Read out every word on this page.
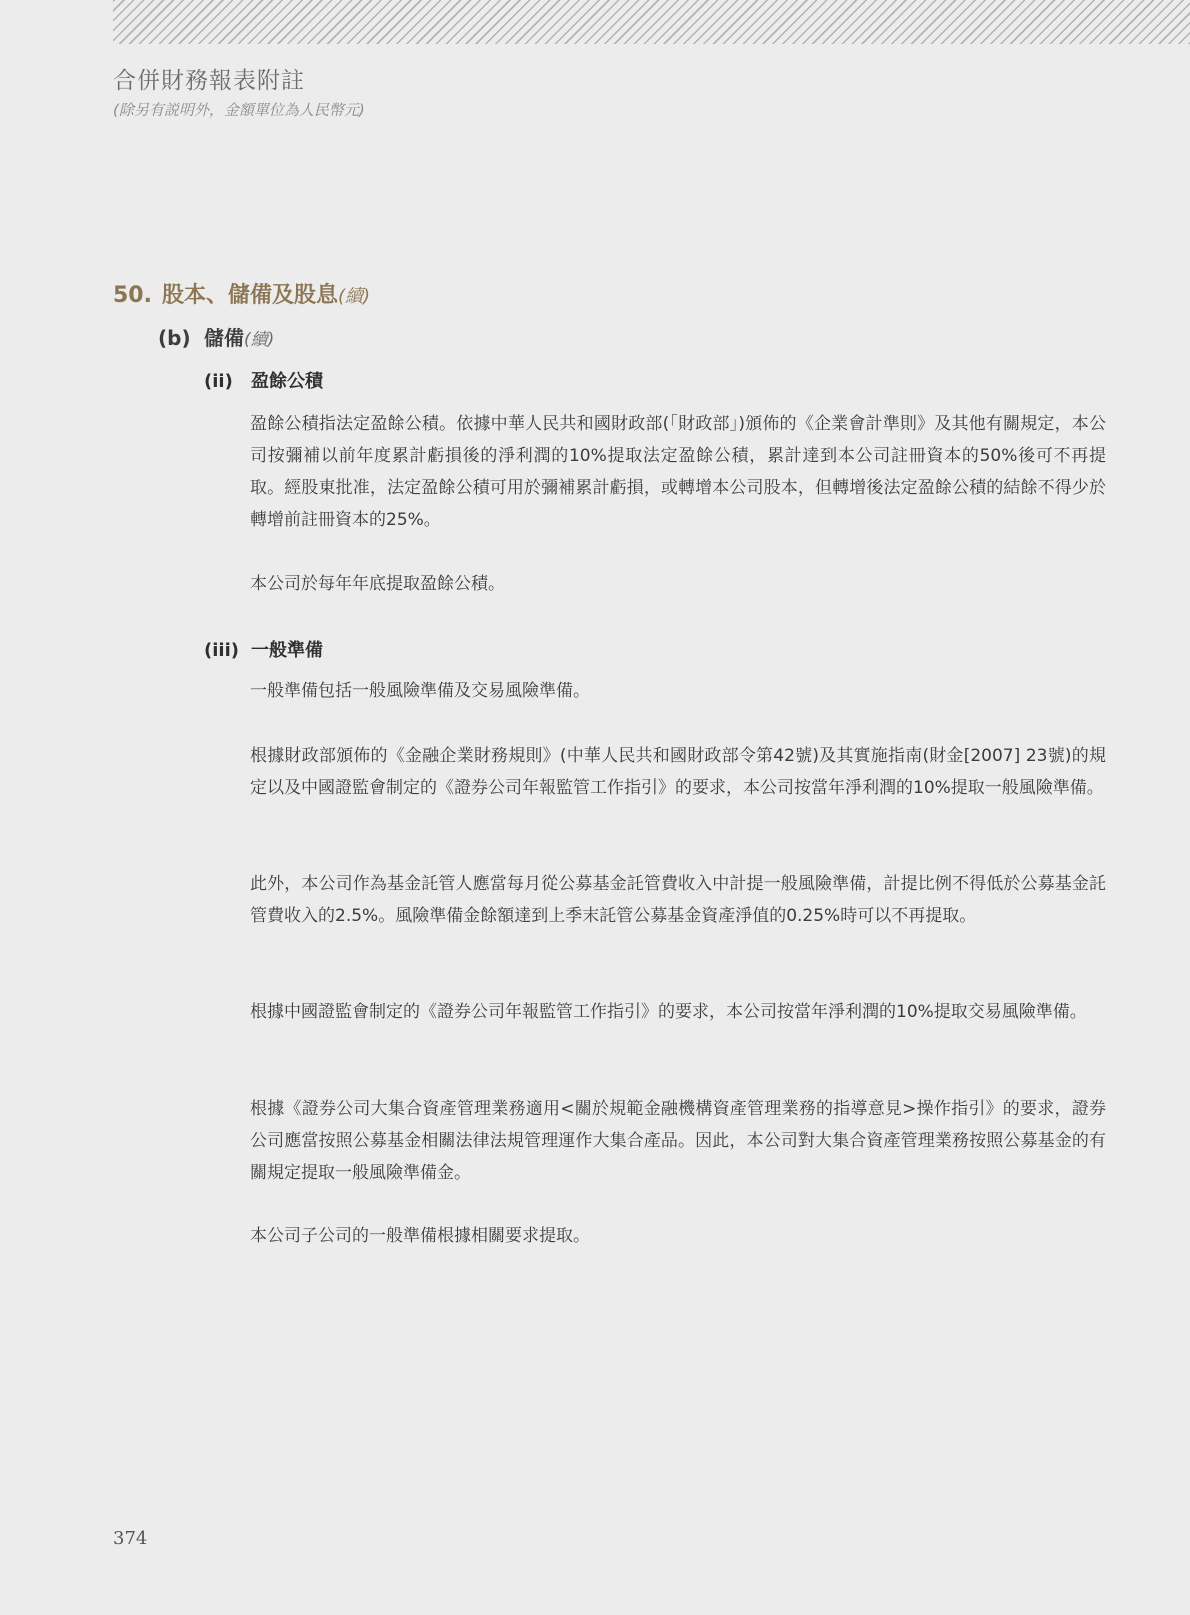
合併財務報表附註
(除另有説明外，金額單位為人民幣元)
50. 股本、儲備及股息(續)
(b) 儲備(續)
(ii) 盈餘公積

盈餘公積指法定盈餘公積。依據中華人民共和國財政部(「財政部」)頒佈的《企業會計準則》及其他有關規定，本公司按彌補以前年度累計虧損後的淨利潤的10%提取法定盈餘公積，累計達到本公司註冊資本的50%後可不再提取。經股東批准，法定盈餘公積可用於彌補累計虧損，或轉增本公司股本，但轉增後法定盈餘公積的結餘不得少於轉增前註冊資本的25%。

本公司於每年年底提取盈餘公積。

(iii) 一般準備

一般準備包括一般風險準備及交易風險準備。

根據財政部頒佈的《金融企業財務規則》(中華人民共和國財政部令第42號)及其實施指南(財金[2007] 23號)的規定以及中國證監會制定的《證券公司年報監管工作指引》的要求，本公司按當年淨利潤的10%提取一般風險準備。

此外，本公司作為基金託管人應當每月從公募基金託管費收入中計提一般風險準備，計提比例不得低於公募基金託管費收入的2.5%。風險準備金餘額達到上季末託管公募基金資產淨值的0.25%時可以不再提取。

根據中國證監會制定的《證券公司年報監管工作指引》的要求，本公司按當年淨利潤的10%提取交易風險準備。

根據《證券公司大集合資產管理業務適用<關於規範金融機構資產管理業務的指導意見>操作指引》的要求，證券公司應當按照公募基金相關法律法規管理運作大集合產品。因此，本公司對大集合資產管理業務按照公募基金的有關規定提取一般風險準備金。

本公司子公司的一般準備根據相關要求提取。

374
